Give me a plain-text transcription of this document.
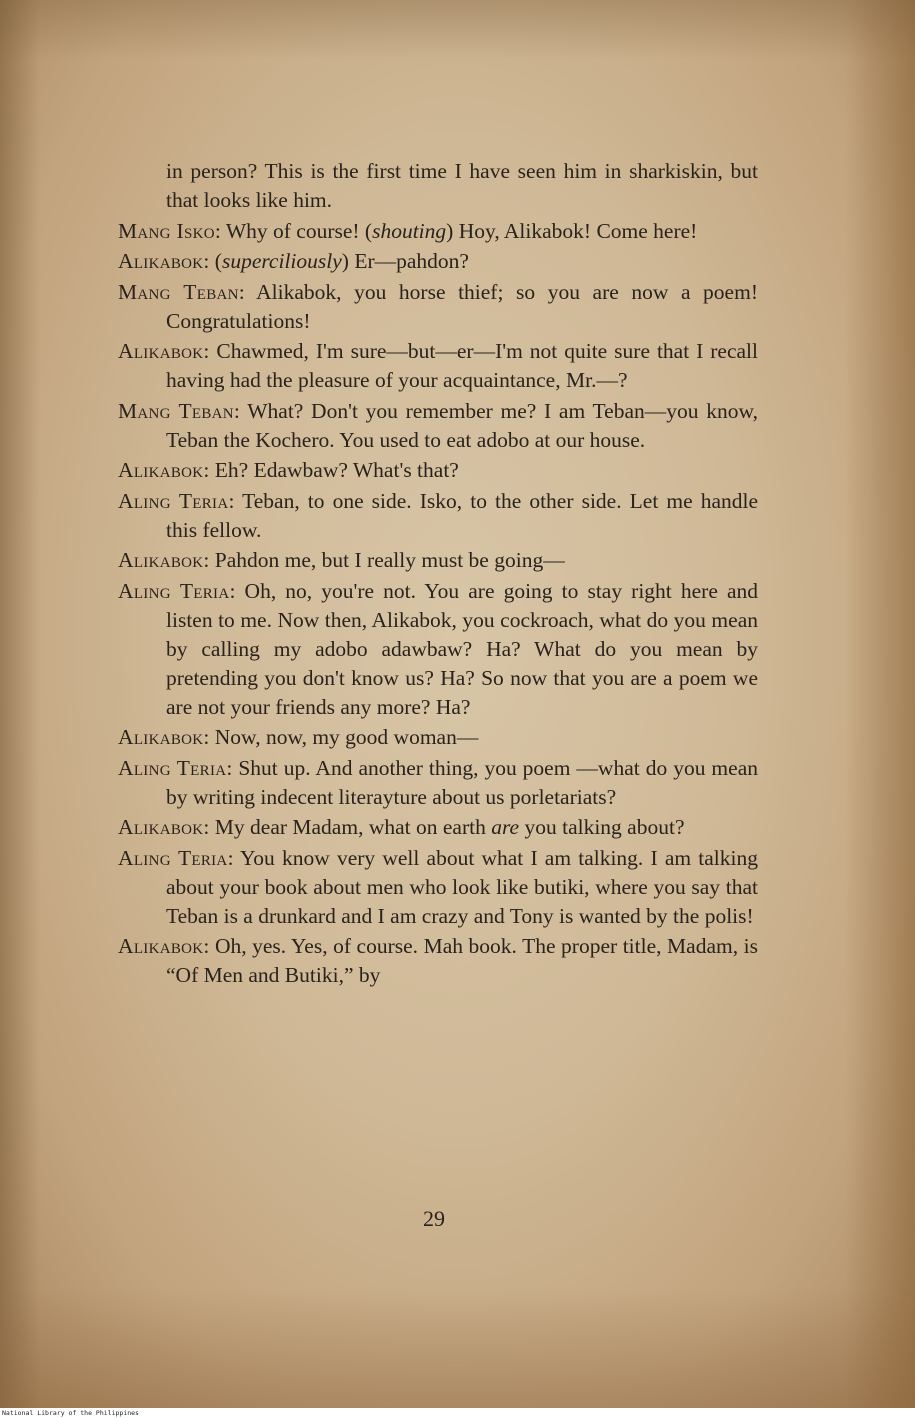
in person? This is the first time I have seen him in sharkiskin, but that looks like him.

Mang Isko: Why of course! (shouting) Hoy, Alikabok! Come here!

Alikabok: (superciliously) Er—pahdon?

Mang Teban: Alikabok, you horse thief; so you are now a poem! Congratulations!

Alikabok: Chawmed, I'm sure—but—er—I'm not quite sure that I recall having had the pleasure of your acquaintance, Mr.—?

Mang Teban: What? Don't you remember me? I am Teban—you know, Teban the Kochero. You used to eat adobo at our house.

Alikabok: Eh? Edawbaw? What's that?

Aling Teria: Teban, to one side. Isko, to the other side. Let me handle this fellow.

Alikabok: Pahdon me, but I really must be going—

Aling Teria: Oh, no, you're not. You are going to stay right here and listen to me. Now then, Alikabok, you cockroach, what do you mean by calling my adobo adawbaw? Ha? What do you mean by pretending you don't know us? Ha? So now that you are a poem we are not your friends any more? Ha?

Alikabok: Now, now, my good woman—

Aling Teria: Shut up. And another thing, you poem —what do you mean by writing indecent literayture about us porletariats?

Alikabok: My dear Madam, what on earth are you talking about?

Aling Teria: You know very well about what I am talking. I am talking about your book about men who look like butiki, where you say that Teban is a drunkard and I am crazy and Tony is wanted by the polis!

Alikabok: Oh, yes. Yes, of course. Mah book. The proper title, Madam, is “Of Men and Butiki,” by

29
National Library of the Philippines
